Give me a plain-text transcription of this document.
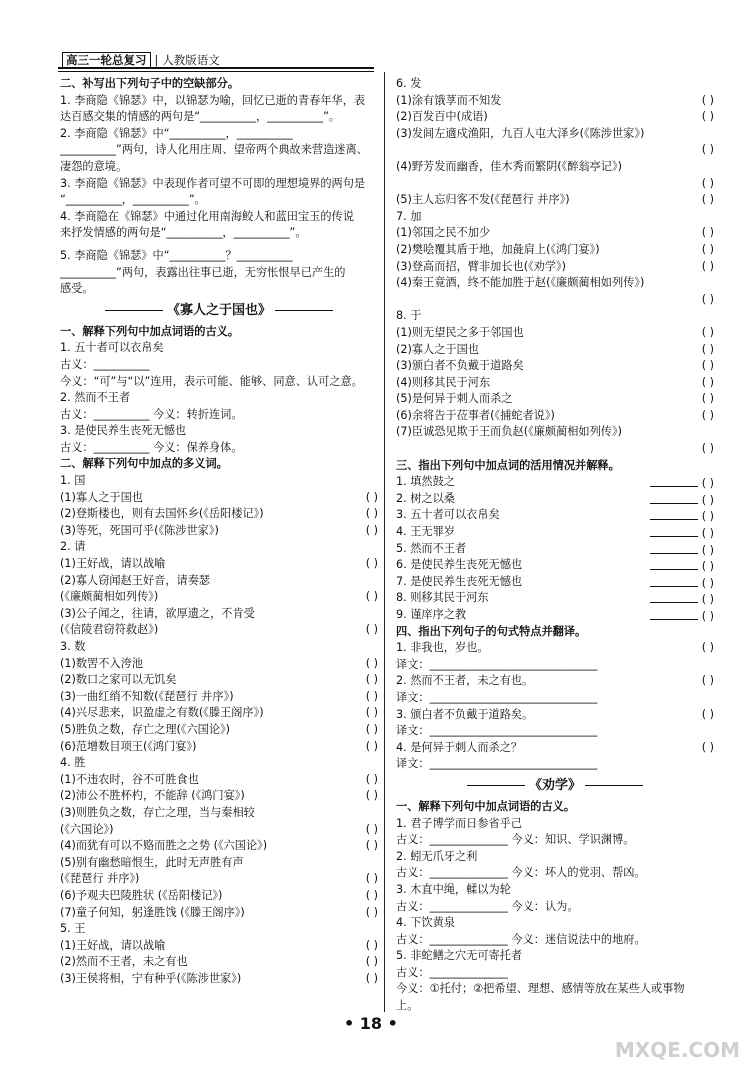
高三一轮总复习 | 人教版语文
二、补写出下列句子中的空缺部分。
1. 李商隐《锦瑟》中，以锦瑟为喻，回忆已逝的青春年华，表
达百感交集的情感的两句是“__________，__________”。
2. 李商隐《锦瑟》中“__________，__________
__________”两句，诗人化用庄周、望帝两个典故来营造迷离、
凄怨的意境。
3. 李商隐《锦瑟》中表现作者可望不可即的理想境界的两句是
“__________，__________”。
4. 李商隐在《锦瑟》中通过化用南海鲛人和蓝田宝玉的传说
来抒发情感的两句是“__________，__________”。
5. 李商隐《锦瑟》中“__________？__________
__________”两句，表露出往事已逝，无穷怅恨早已产生的
感受。
《寡人之于国也》
一、解释下列句中加点词语的古义。
1. 五十者可以衣帛矣
古义：__________
今义：“可”与“以”连用，表示可能、能够、同意、认可之意。
2. 然而不王者
古义：__________ 今义：转折连词。
3. 是使民养生丧死无憾也
古义：__________ 今义：保养身体。
二、解释下列句中加点的多义词。
1. 国
(1)寡人之于国也	( )
(2)登斯楼也，则有去国怀乡(《岳阳楼记》)	( )
(3)等死，死国可乎(《陈涉世家》)	( )
2. 请
(1)王好战，请以战喻	( )
(2)寡人窃闻赵王好音，请奏瑟
(《廉颇蔺相如列传》)	( )
(3)公子闻之，往请，欲厚遗之，不肯受
(《信陵君窃符救赵》)	( )
3. 数
(1)数罟不入洿池	( )
(2)数口之家可以无饥矣	( )
(3)一曲红绡不知数(《琵琶行 并序》)	( )
(4)兴尽悲来，识盈虚之有数(《滕王阁序》)	( )
(5)胜负之数，存亡之理(《六国论》)	( )
(6)范增数目项王(《鸿门宴》)	( )
4. 胜
(1)不违农时，谷不可胜食也	( )
(2)沛公不胜杯杓，不能辞 (《鸿门宴》)	( )
(3)则胜负之数，存亡之理，当与秦相较
(《六国论》)	( )
(4)而犹有可以不赂而胜之之势 (《六国论》)	( )
(5)别有幽愁暗恨生，此时无声胜有声
(《琵琶行 并序》)	( )
(6)予观夫巴陵胜状 (《岳阳楼记》)	( )
(7)童子何知，躬逢胜饯 (《滕王阁序》)	( )
5. 王
(1)王好战，请以战喻	( )
(2)然而不王者，未之有也	( )
(3)王侯将相，宁有种乎(《陈涉世家》)	( )
6. 发
(1)涂有饿莩而不知发	( )
(2)百发百中(成语)	( )
(3)发闾左適戍渔阳，九百人屯大泽乡(《陈涉世家》)
( )
(4)野芳发而幽香，佳木秀而繁阴(《醉翁亭记》)
( )
(5)主人忘归客不发(《琵琶行 并序》)	( )
7. 加
(1)邻国之民不加少	( )
(2)樊哙覆其盾于地，加彘肩上(《鸿门宴》)	( )
(3)登高而招，臂非加长也(《劝学》)	( )
(4)秦王竟酒，终不能加胜于赵(《廉颇蔺相如列传》)
( )
8. 于
(1)则无望民之多于邻国也	( )
(2)寡人之于国也	( )
(3)颁白者不负戴于道路矣	( )
(4)则移其民于河东	( )
(5)是何异于刺人而杀之	( )
(6)余将告于莅事者(《捕蛇者说》)	( )
(7)臣诚恐见欺于王而负赵(《廉颇蔺相如列传》)
( )
三、指出下列句中加点词的活用情况并解释。
1. 填然鼓之	( )
2. 树之以桑	( )
3. 五十者可以衣帛矣	( )
4. 王无罪岁	( )
5. 然而不王者	( )
6. 是使民养生丧死无憾也	( )
7. 是使民养生丧死无憾也	( )
8. 则移其民于河东	( )
9. 谨庠序之教	( )
四、指出下列句子的句式特点并翻译。
1. 非我也，岁也。	( )
译文：______________________________
2. 然而不王者，未之有也。	( )
译文：______________________________
3. 颁白者不负戴于道路矣。	( )
译文：______________________________
4. 是何异于刺人而杀之？	( )
译文：______________________________
《劝学》
一、解释下列句中加点词语的古义。
1. 君子博学而日参省乎己
古义：______________ 今义：知识、学识渊博。
2. 蚓无爪牙之利
古义：______________ 今义：坏人的党羽、帮凶。
3. 木直中绳，輮以为轮
古义：______________ 今义：认为。
4. 下饮黄泉
古义：______________ 今义：迷信说法中的地府。
5. 非蛇鳝之穴无可寄托者
古义：______________
今义：①托付；②把希望、理想、感情等放在某些人或事物
上。
• 18 •
MXQE.COM
